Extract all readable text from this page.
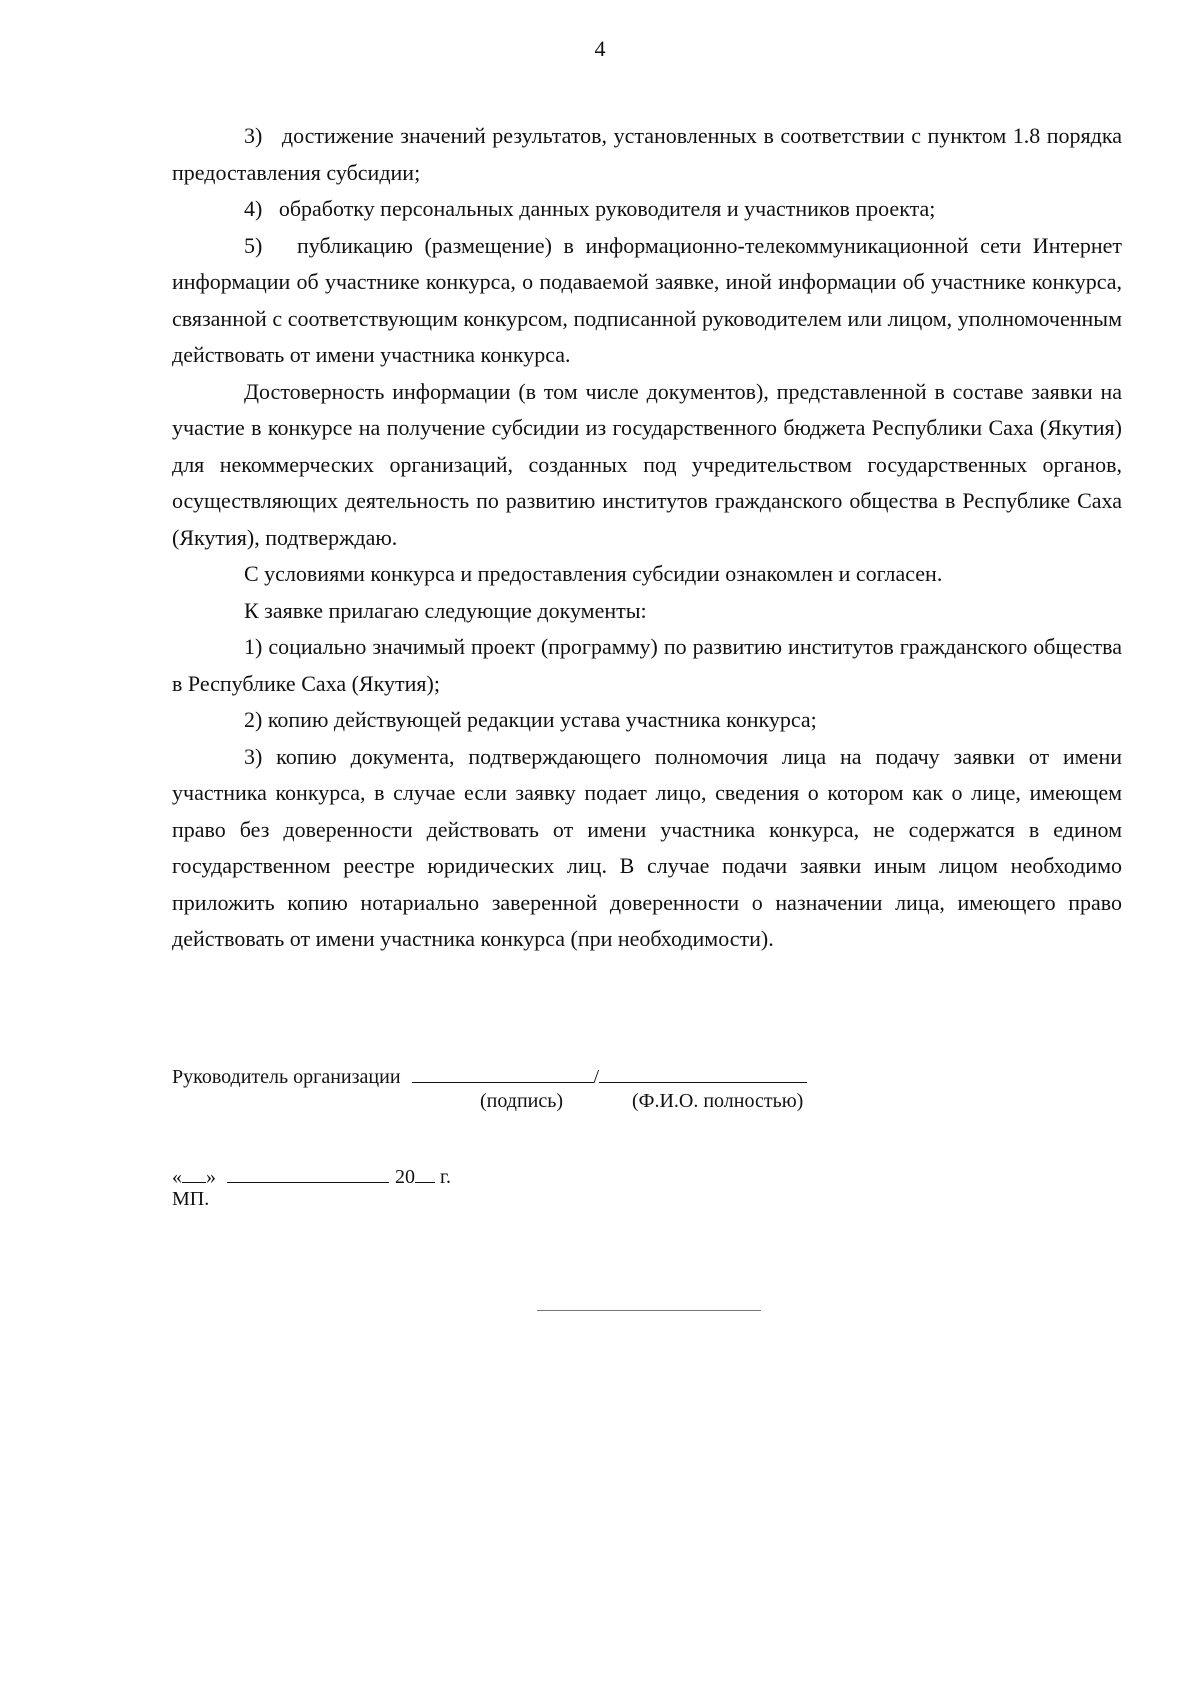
4

3)   достижение значений результатов, установленных в соответствии с пунктом 1.8 порядка предоставления субсидии;

4)   обработку персональных данных руководителя и участников проекта;

5)   публикацию (размещение) в информационно-телекоммуникационной сети Интернет информации об участнике конкурса, о подаваемой заявке, иной информации об участнике конкурса, связанной с соответствующим конкурсом, подписанной руководителем или лицом, уполномоченным действовать от имени участника конкурса.

Достоверность информации (в том числе документов), представленной в составе заявки на участие в конкурсе на получение субсидии из государственного бюджета Республики Саха (Якутия) для некоммерческих организаций, созданных под учредительством государственных органов, осуществляющих деятельность по развитию институтов гражданского общества в Республике Саха (Якутия), подтверждаю.

С условиями конкурса и предоставления субсидии ознакомлен и согласен.

К заявке прилагаю следующие документы:

1) социально значимый проект (программу) по развитию институтов гражданского общества в Республике Саха (Якутия);

2) копию действующей редакции устава участника конкурса;

3) копию документа, подтверждающего полномочия лица на подачу заявки от имени участника конкурса, в случае если заявку подает лицо, сведения о котором как о лице, имеющем право без доверенности действовать от имени участника конкурса, не содержатся в едином государственном реестре юридических лиц. В случае подачи заявки иным лицом необходимо приложить копию нотариально заверенной доверенности о назначении лица, имеющего право действовать от имени участника конкурса (при необходимости).

Руководитель организации	/
(подпись)	(Ф.И.О. полностью)
« »	20 г.
МП.
